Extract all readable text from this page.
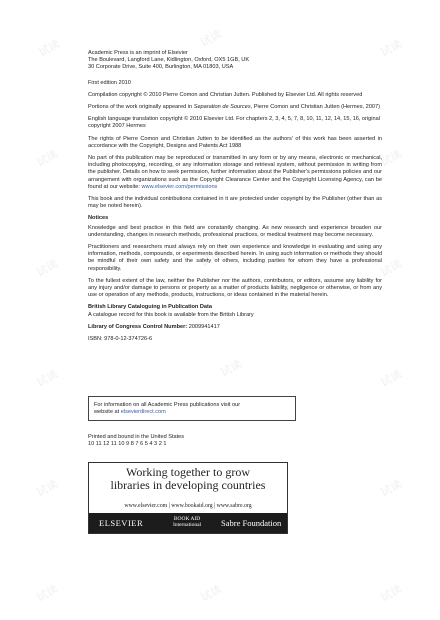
试读	试读	试读
试读	试读	试读
试读	试读	试读
试读	试读	试读
试读	试读
试读	试读	试读
Academic Press is an imprint of Elsevier
The Boulevard, Langford Lane, Kidlington, Oxford, OX5 1GB, UK
30 Corporate Drive, Suite 400, Burlington, MA 01803, USA

First edition 2010

Compilation copyright © 2010 Pierre Comon and Christian Jutten. Published by Elsevier Ltd. All rights reserved

Portions of the work originally appeared in Separation de Sources, Pierre Comon and Christian Jutten (Hermes, 2007)

English language translation copyright © 2010 Elsevier Ltd. For chapters 2, 3, 4, 5, 7, 8, 10, 11, 12, 14, 15, 16, original copyright 2007 Hermes

The rights of Pierre Comon and Christian Jutten to be identified as the authors' of this work has been asserted in accordance with the Copyright, Designs and Patents Act 1988

No part of this publication may be reproduced or transmitted in any form or by any means, electronic or mechanical, including photocopying, recording, or any information storage and retrieval system, without permission in writing from the publisher. Details on how to seek permission, further information about the Publisher's permissions policies and our arrangement with organizations such as the Copyright Clearance Center and the Copyright Licensing Agency, can be found at our website: www.elsevier.com/permissions

This book and the individual contributions contained in it are protected under copyright by the Publisher (other than as may be noted herein).

Notices

Knowledge and best practice in this field are constantly changing. As new research and experience broaden our understanding, changes in research methods, professional practices, or medical treatment may become necessary.

Practitioners and researchers must always rely on their own experience and knowledge in evaluating and using any information, methods, compounds, or experiments described herein. In using such information or methods they should be mindful of their own safety and the safety of others, including parties for whom they have a professional responsibility.

To the fullest extent of the law, neither the Publisher nor the authors, contributors, or editors, assume any liability for any injury and/or damage to persons or property as a matter of products liability, negligence or otherwise, or from any use or operation of any methods, products, instructions, or ideas contained in the material herein.

British Library Cataloguing in Publication Data

A catalogue record for this book is available from the British Library

Library of Congress Control Number: 2009941417

ISBN: 978-0-12-374726-6

For information on all Academic Press publications visit our
website at elsevierdirect.com
Printed and bound in the United States
10 11 12 11 10 9 8 7 6 5 4 3 2 1
Working together to grow
libraries in developing countries
www.elsevier.com | www.bookaid.org | www.sabre.org
ELSEVIER	BOOK AID
International Sabre Foundation
